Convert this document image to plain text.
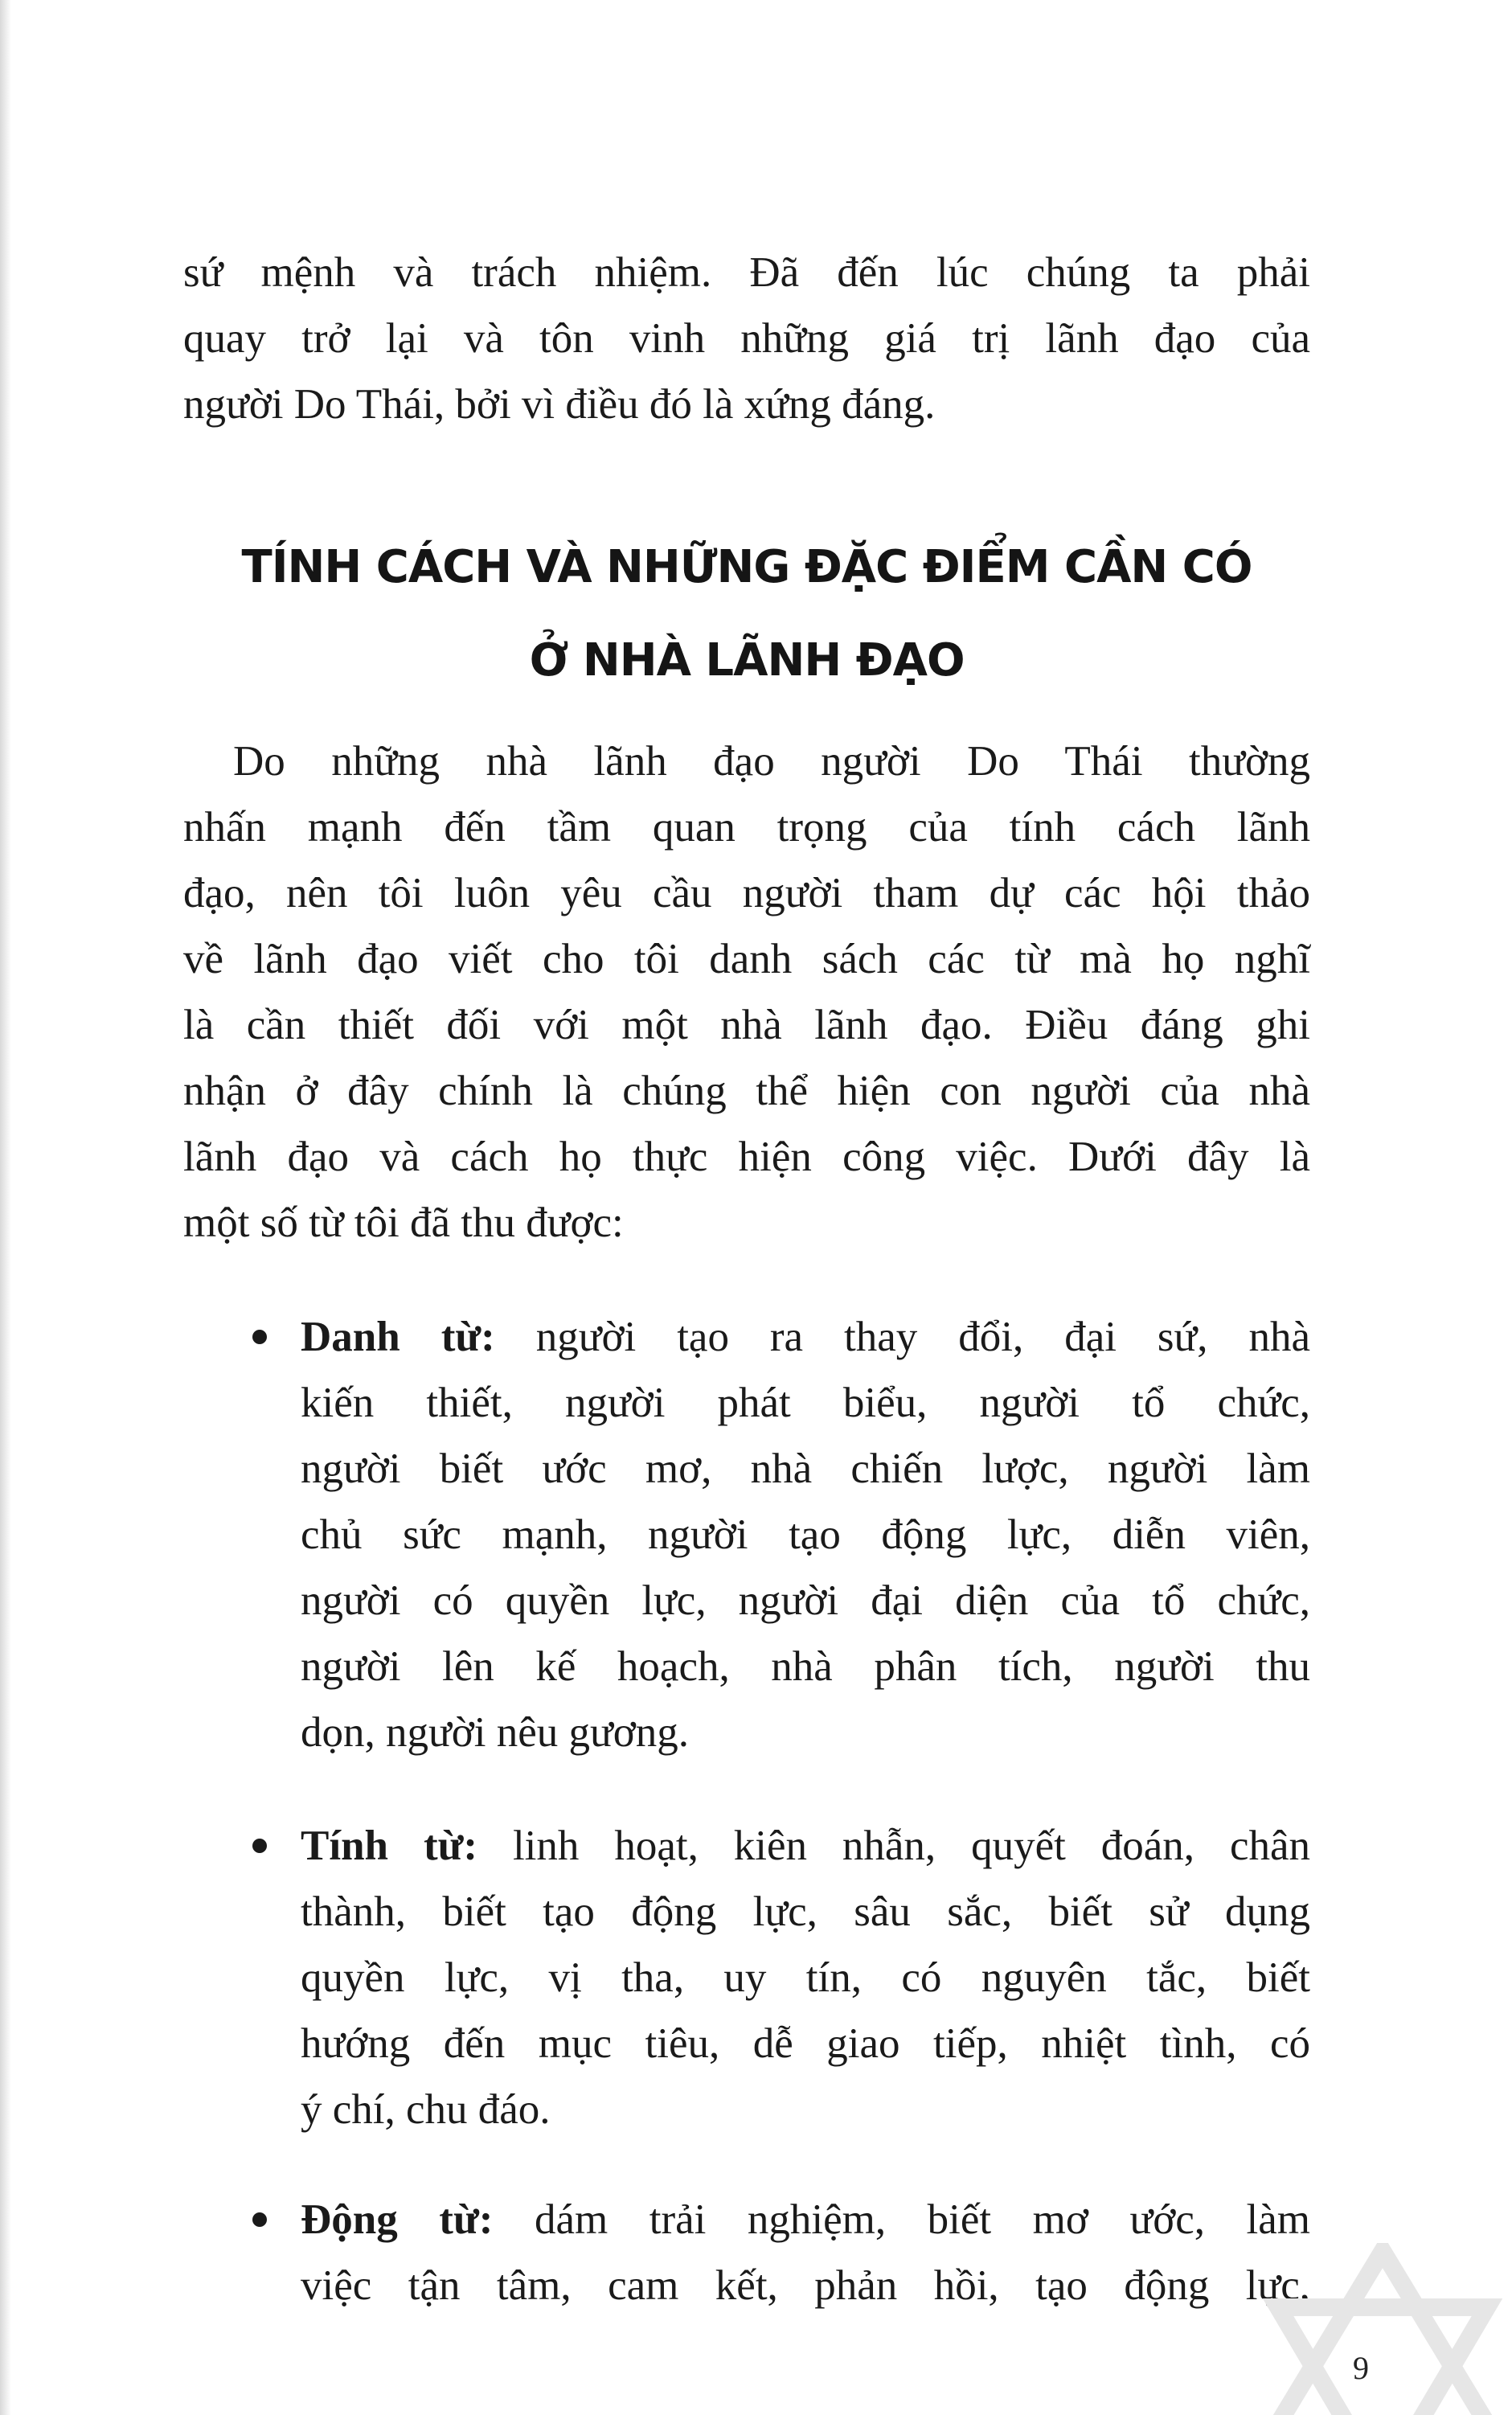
sứ mệnh và trách nhiệm. Đã đến lúc chúng ta phải
quay trở lại và tôn vinh những giá trị lãnh đạo của
người Do Thái, bởi vì điều đó là xứng đáng.

TÍNH CÁCH VÀ NHỮNG ĐẶC ĐIỂM CẦN CÓ
Ở NHÀ LÃNH ĐẠO

Do những nhà lãnh đạo người Do Thái thường
nhấn mạnh đến tầm quan trọng của tính cách lãnh
đạo, nên tôi luôn yêu cầu người tham dự các hội thảo
về lãnh đạo viết cho tôi danh sách các từ mà họ nghĩ
là cần thiết đối với một nhà lãnh đạo. Điều đáng ghi
nhận ở đây chính là chúng thể hiện con người của nhà
lãnh đạo và cách họ thực hiện công việc. Dưới đây là
một số từ tôi đã thu được:

Danh từ: người tạo ra thay đổi, đại sứ, nhà
kiến thiết, người phát biểu, người tổ chức,
người biết ước mơ, nhà chiến lược, người làm
chủ sức mạnh, người tạo động lực, diễn viên,
người có quyền lực, người đại diện của tổ chức,
người lên kế hoạch, nhà phân tích, người thu
dọn, người nêu gương.
Tính từ: linh hoạt, kiên nhẫn, quyết đoán, chân
thành, biết tạo động lực, sâu sắc, biết sử dụng
quyền lực, vị tha, uy tín, có nguyên tắc, biết
hướng đến mục tiêu, dễ giao tiếp, nhiệt tình, có
ý chí, chu đáo.
Động từ: dám trải nghiệm, biết mơ ước, làm
việc tận tâm, cam kết, phản hồi, tạo động lực,
9
